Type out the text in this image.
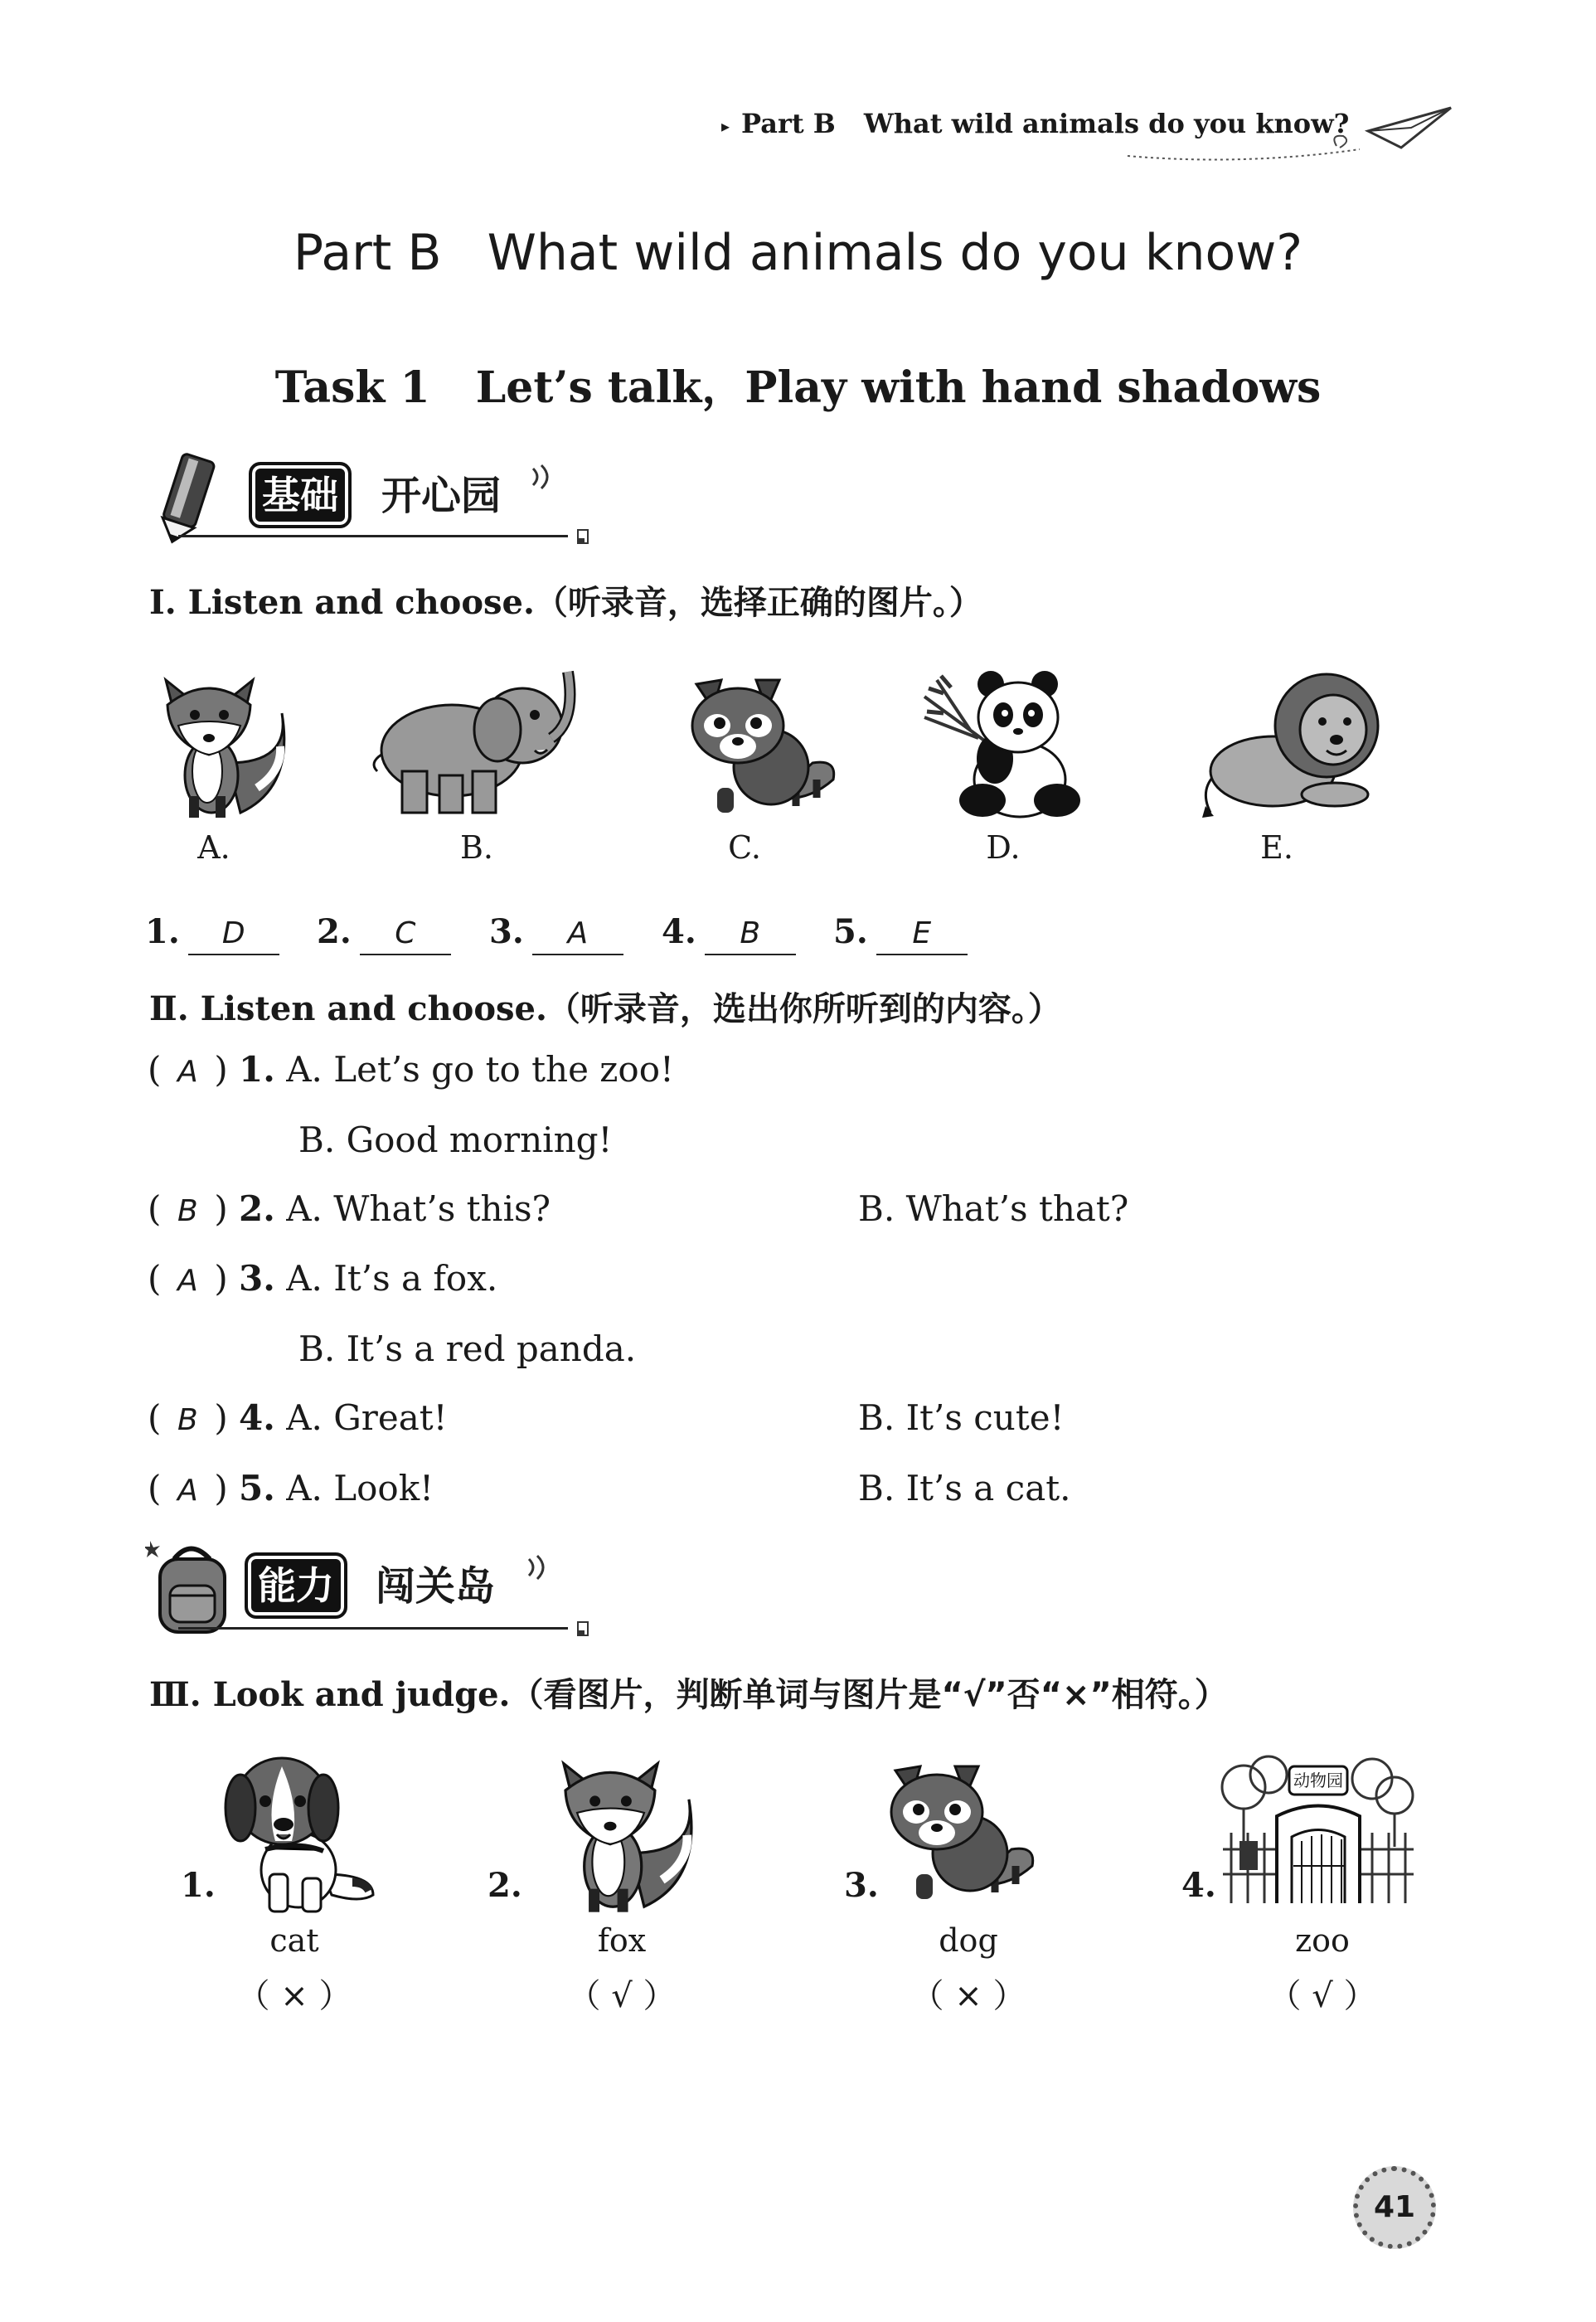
▸ Part B What wild animals do you know?
Part B What wild animals do you know?
Task 1 Let’s talk，Play with hand shadows
基础	开心园
Ⅰ. Listen and choose.（听录音，选择正确的图片。）
A.	B.	C.	D.	E.
1. D	2. C	3. A	4. B	5. E
Ⅱ. Listen and choose.（听录音，选出你所听到的内容。）
( A ) 1. A. Let’s go to the zoo!
B. Good morning!
( B ) 2. A. What’s this?	B. What’s that?
( A ) 3. A. It’s a fox.
B. It’s a red panda.
( B ) 4. A. Great!	B. It’s cute!
( A ) 5. A. Look!	B. It’s a cat.
能力	闯关岛
Ⅲ. Look and judge.（看图片，判断单词与图片是“√”否“×”相符。）
1.	2.	3.	4.
动物园
cat	fox	dog	zoo
（ × ）	（ √ ）	（ × ）	（ √ ）
41
